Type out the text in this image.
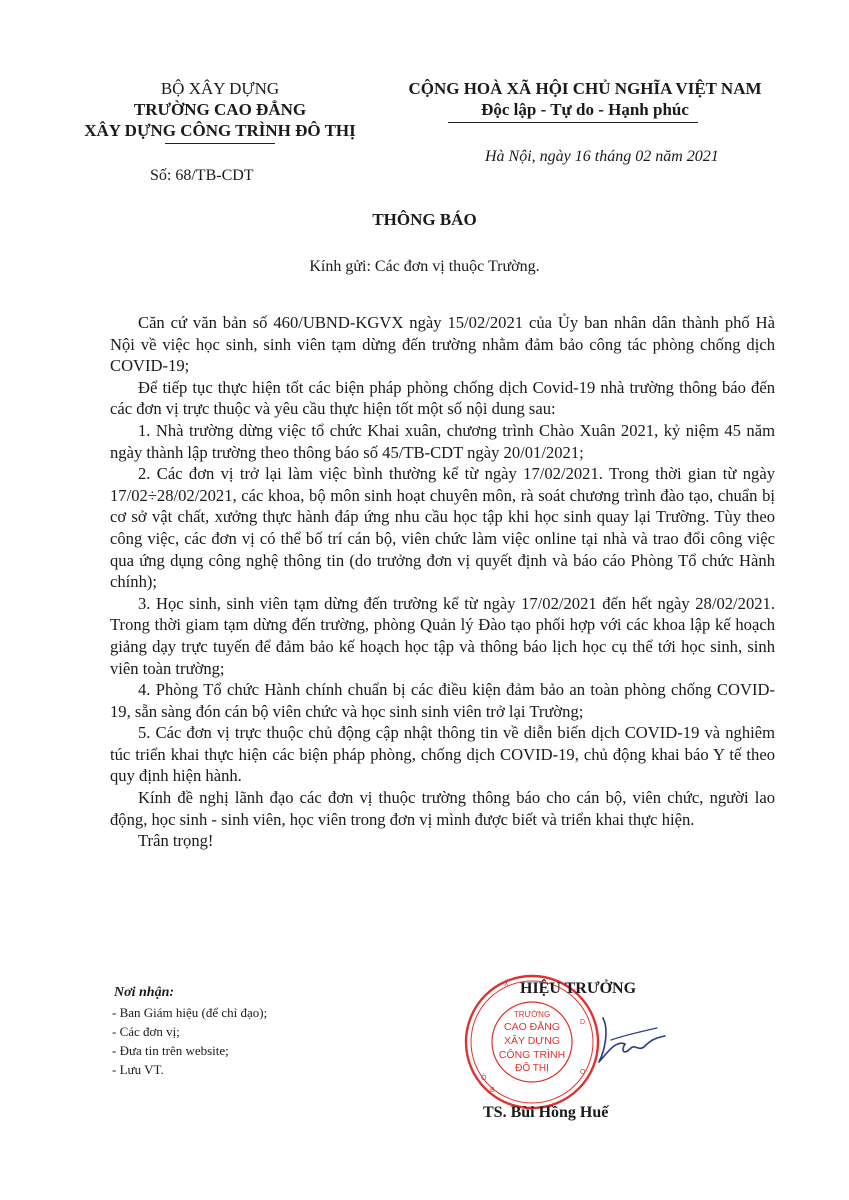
BỘ XÂY DỰNG
TRƯỜNG CAO ĐẲNG
XÂY DỰNG CÔNG TRÌNH ĐÔ THỊ
Số: 68/TB-CDT
CỘNG HOÀ XÃ HỘI CHỦ NGHĨA VIỆT NAM
Độc lập - Tự do - Hạnh phúc
Hà Nội, ngày 16 tháng 02 năm 2021
THÔNG BÁO
Kính gửi: Các đơn vị thuộc Trường.

Căn cứ văn bản số 460/UBND-KGVX ngày 15/02/2021 của Ủy ban nhân dân thành phố Hà Nội về việc học sinh, sinh viên tạm dừng đến trường nhằm đảm bảo công tác phòng chống dịch COVID-19;

Để tiếp tục thực hiện tốt các biện pháp phòng chống dịch Covid-19 nhà trường thông báo đến các đơn vị trực thuộc và yêu cầu thực hiện tốt một số nội dung sau:

1. Nhà trường dừng việc tổ chức Khai xuân, chương trình Chào Xuân 2021, kỷ niệm 45 năm ngày thành lập trường theo thông báo số 45/TB-CDT ngày 20/01/2021;

2. Các đơn vị trở lại làm việc bình thường kể từ ngày 17/02/2021. Trong thời gian từ ngày 17/02÷28/02/2021, các khoa, bộ môn sinh hoạt chuyên môn, rà soát chương trình đào tạo, chuẩn bị cơ sở vật chất, xưởng thực hành đáp ứng nhu cầu học tập khi học sinh quay lại Trường. Tùy theo công việc, các đơn vị có thể bố trí cán bộ, viên chức làm việc online tại nhà và trao đổi công việc qua ứng dụng công nghệ thông tin (do trưởng đơn vị quyết định và báo cáo Phòng Tổ chức Hành chính);

3. Học sinh, sinh viên tạm dừng đến trường kể từ ngày 17/02/2021 đến hết ngày 28/02/2021. Trong thời giam tạm dừng đến trường, phòng Quản lý Đào tạo phối hợp với các khoa lập kế hoạch giảng dạy trực tuyến để đảm bảo kế hoạch học tập và thông báo lịch học cụ thể tới học sinh, sinh viên toàn trường;

4. Phòng Tổ chức Hành chính chuẩn bị các điều kiện đảm bảo an toàn phòng chống COVID-19, sẵn sàng đón cán bộ viên chức và học sinh sinh viên trở lại Trường;

5. Các đơn vị trực thuộc chủ động cập nhật thông tin về diễn biến dịch COVID-19 và nghiêm túc triển khai thực hiện các biện pháp phòng, chống dịch COVID-19, chủ động khai báo Y tế theo quy định hiện hành.

Kính đề nghị lãnh đạo các đơn vị thuộc trường thông báo cho cán bộ, viên chức, người lao động, học sinh - sinh viên, học viên trong đơn vị mình được biết và triển khai thực hiện.

Trân trọng!

Nơi nhận:
- Ban Giám hiệu (để chỉ đạo);
- Các đơn vị;
- Đưa tin trên website;
- Lưu VT.
TRƯỜNG
CAO ĐẲNG
XÂY DỰNG
CÔNG TRÌNH
ĐÔ THỊ
X
D
Ô
B
O
HIỆU TRƯỞNG
TS. Bùi Hồng Huế
